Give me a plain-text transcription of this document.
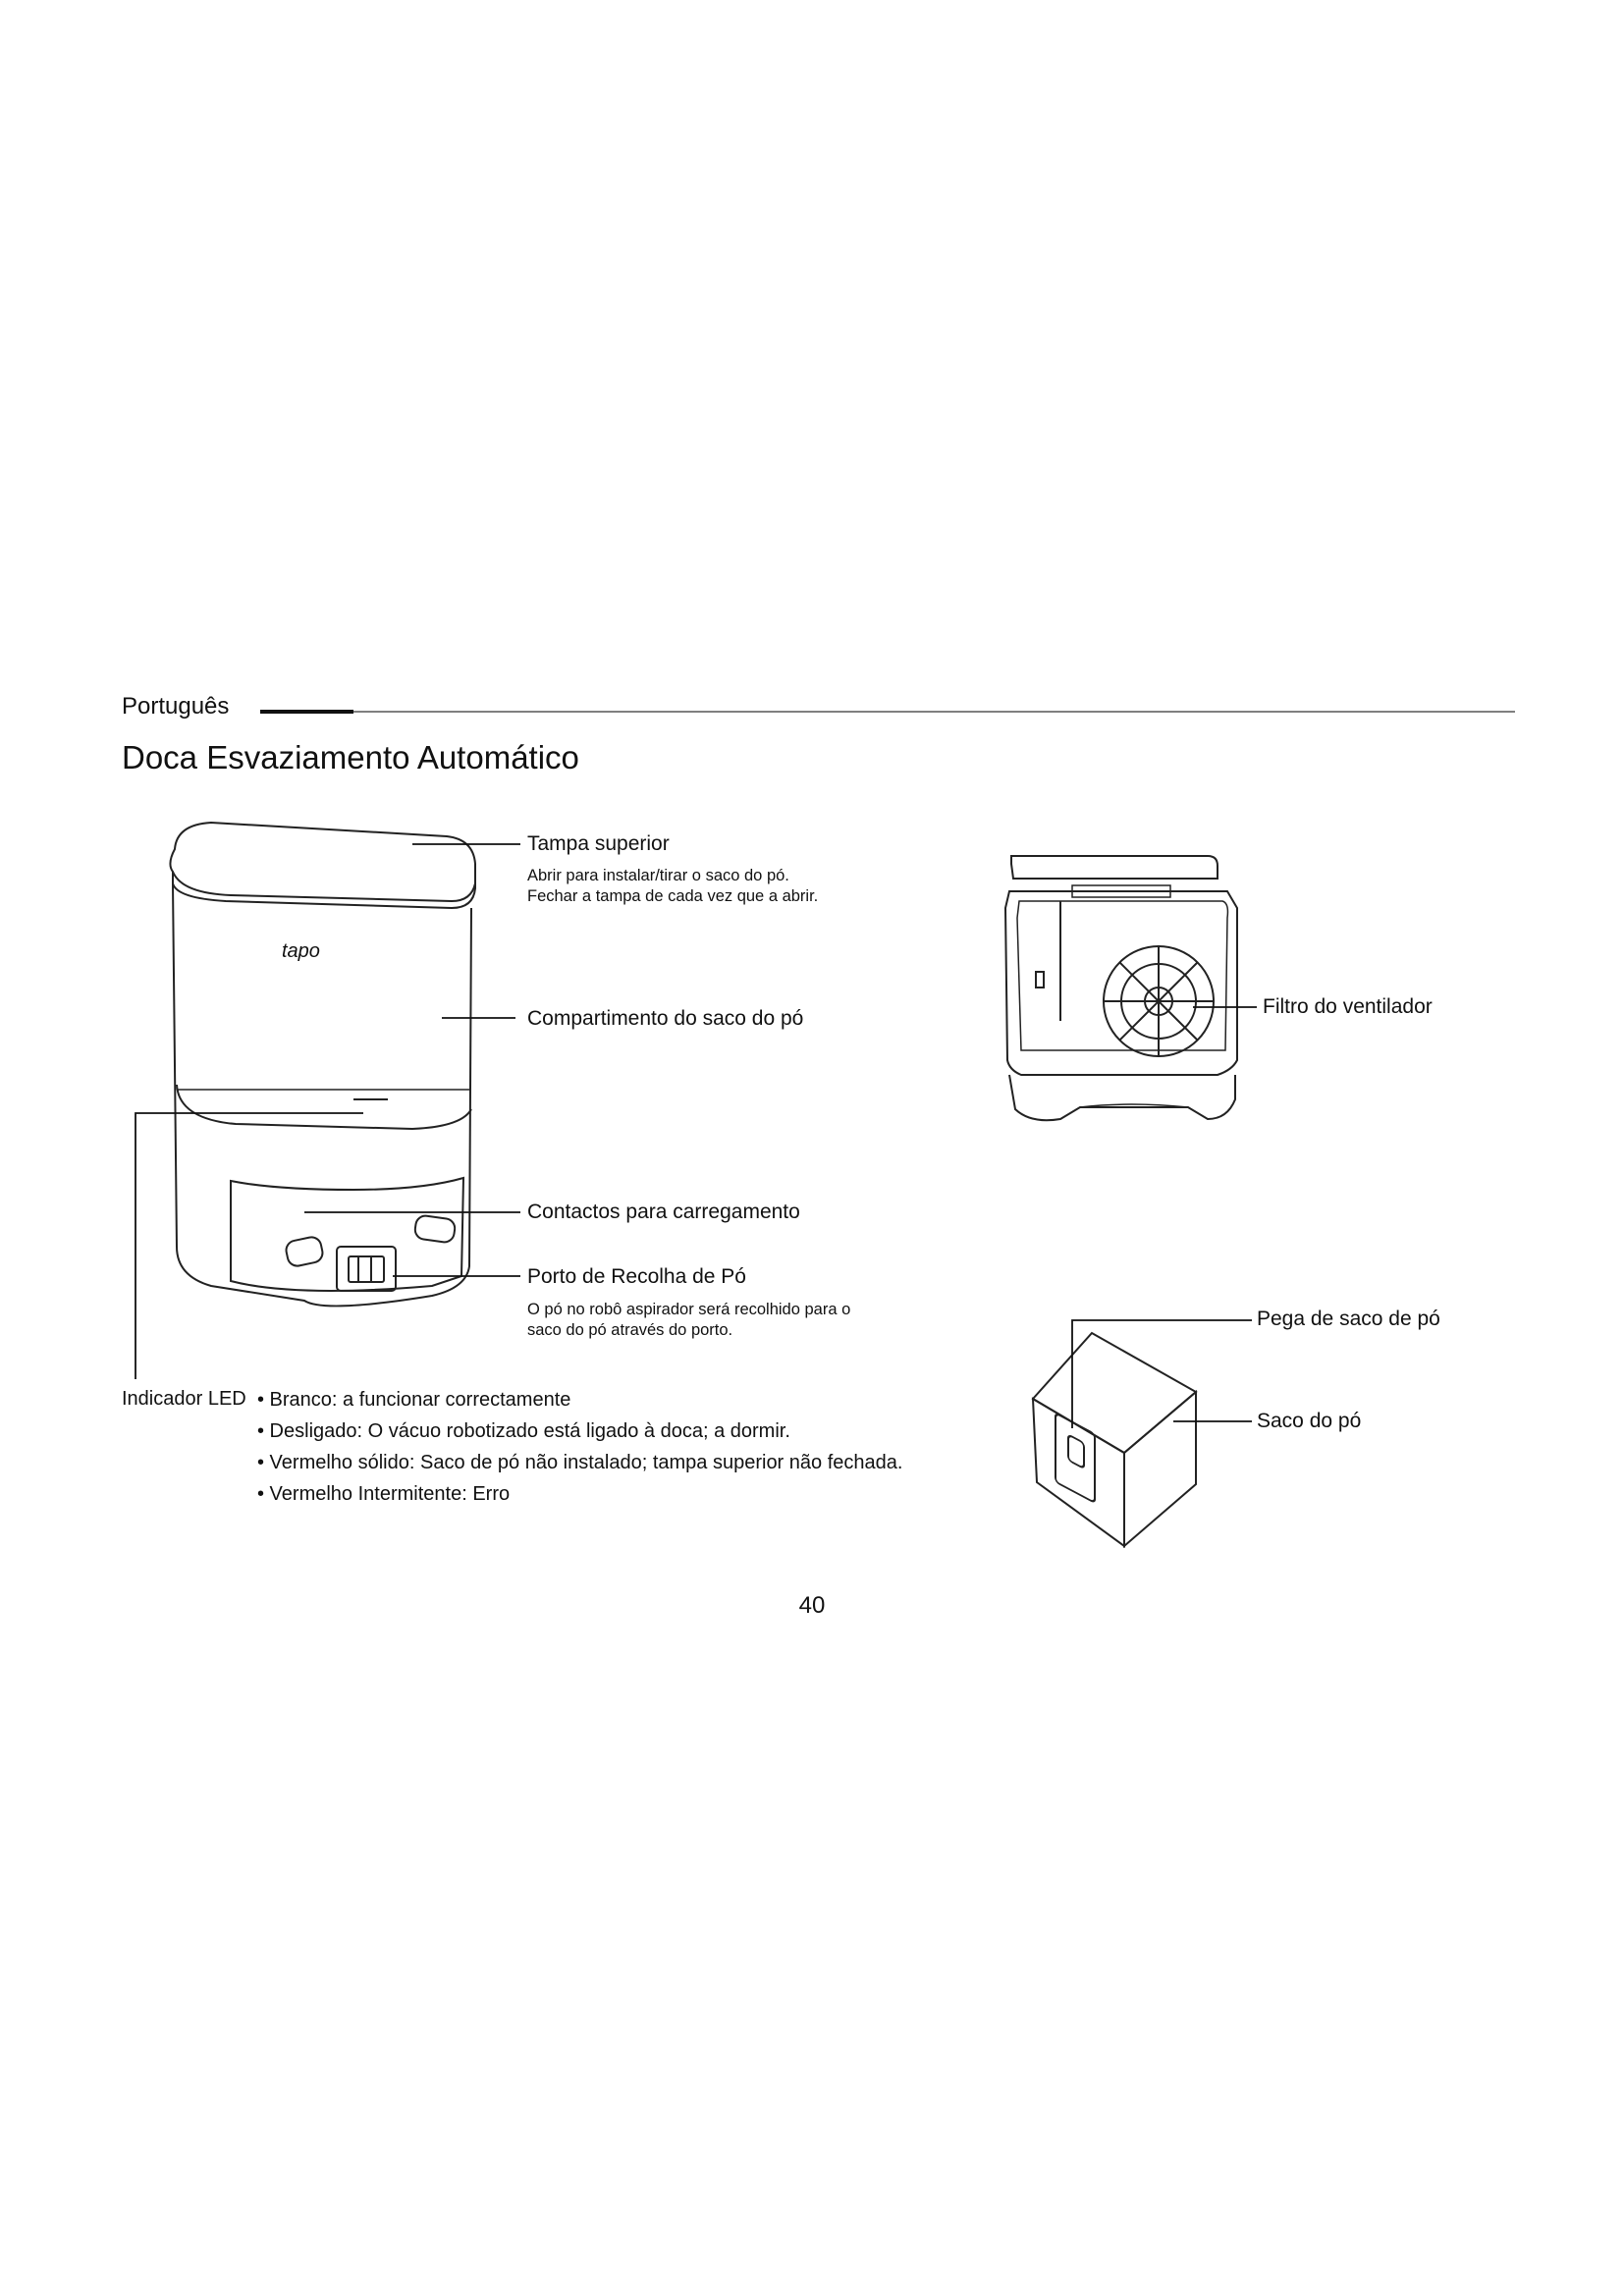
Português
Doca Esvaziamento Automático
Tampa superior
Abrir para instalar/tirar o saco do pó.
Fechar a tampa de cada vez que a abrir.
tapo
Compartimento do saco do pó
Contactos para carregamento
Porto de Recolha de Pó
O pó no robô aspirador será recolhido para o
saco do pó através do porto.
Filtro do ventilador
Pega de saco de pó
Saco do pó
Indicador LED • Branco: a funcionar correctamente
• Desligado: O vácuo robotizado está ligado à doca; a dormir.
• Vermelho sólido: Saco de pó não instalado; tampa superior não fechada.
• Vermelho Intermitente: Erro
40
